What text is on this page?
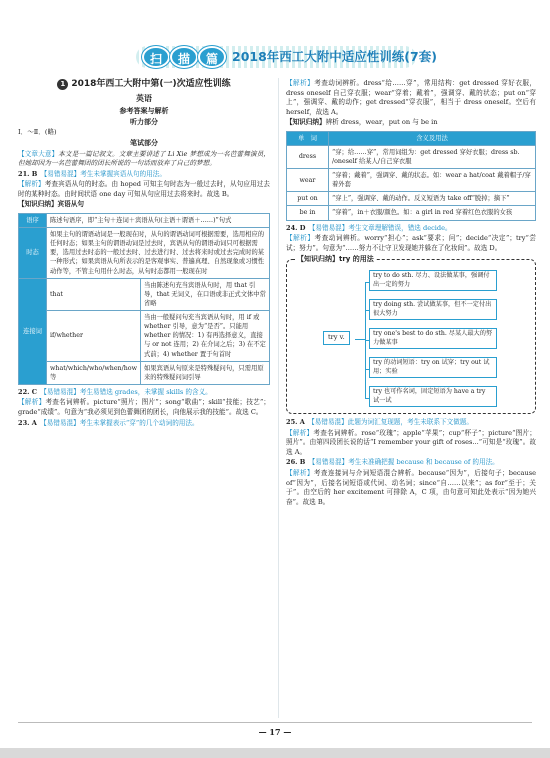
扫	描	篇	2018年西工大附中适应性训练(7套)
1 2018年西工大附中第(一)次适应性训练
英语
参考答案与解析
听力部分
Ⅰ．～Ⅱ．(略)
笔试部分
【文章大意】本文是一篇记叙文。文章主要讲述了 Li Xie 梦想成为一名芭蕾舞演员，但她却因为一名芭蕾舞团的团长所说的一句话而放弃了自己的梦想。
21. B　 【易错易混】考生未掌握宾语从句的用法。
【解析】考查宾语从句的时态。由 hoped 可知主句时态为一般过去时，从句应用过去时的某种时态。由时间状语 one day 可知从句应用过去将来时。故选 B。
【知识归纳】宾语从句
语序	陈述句语序，即“主句＋连词＋宾语从句(主语＋谓语＋……)”句式	
时态	如果主句的谓语动词是一般现在时，从句的谓语动词可根据需要，选用相应的任何时态；如果主句的谓语动词是过去时，宾语从句的谓语动词只可根据需要，选用过去时态的一般过去时、过去进行时、过去将来时或过去完成时的某一种形式；如果宾语从句所表示的是客观事实、普遍真理、自然现象或习惯性动作等，不管主句用什么时态，从句时态都用一般现在时	
连接词	that	当由陈述句充当宾语从句时，用 that 引导，that 无词义，在口语或非正式文体中常省略
	if/whether	当由一般疑问句充当宾语从句时，用 if 或 whether 引导，意为“是否”。只能用 whether 的情况：1) 有再选择意义，直接与 or not 连用；2) 在介词之后；3) 在不定式前；4) whether 置于句首时
	what/which/who/when/how 等	如果宾语从句原来是特殊疑问句，只需用原来的特殊疑问词引导
22. C　 【易错易混】考生易错选 grades，未掌握 skills 的含义。
【解析】考查名词辨析。picture“照片；图片”；song“歌曲”；skill“技能；技艺”；grade“成绩”。句意为“我必须见到色蕾舞团的团长，向他展示我的技能”。故选 C。
23. A　 【易错易混】考生未掌握表示“穿”的几个动词的用法。
【解析】考查动词辨析。dress“给……穿”，常用结构：get dressed 穿好衣服，dress oneself 自己穿衣服；wear“穿着；戴着”，强调穿、戴的状态；put on“穿上”，强调穿、戴的动作；get dressed“穿衣服”，相当于 dress oneself。空后有 herself，故选 A。
【知识归纳】辨析 dress，wear，put on 与 be in
单　词	含义及用法
dress	“穿；给……穿”，常用词组为：get dressed 穿好衣服；dress sb. /oneself 给某人/自己穿衣服
wear	“穿着；戴着”，强调穿、戴的状态。如：wear a hat/coat 戴着帽子/穿着外套
put on	“穿上”，强调穿、戴的动作。反义短语为 take off“脱掉；摘下”
be in	“穿着”，in＋衣服/颜色。如：a girl in red 穿着红色衣服的女孩
24. D　 【易错易混】考生文章理解错误，错选 decide。
【解析】考查动词辨析。worry“担心”；ask“要求；问”；decide“决定”；try“尝试；努力”。句意为“……努力不让守卫发现她并躲在了化妆间”。故选 D。
【知识归纳】try 的用法
try v.
try to do sth. 尽力、设法做某事，强调付出一定的努力
try doing sth. 尝试做某事，但不一定付出很大努力
try one's best to do sth. 尽某人最大的努力做某事
try 的动词短语：try on 试穿；try out 试用；实验
try 也可作名词，固定短语为 have a try 试一试
25. A　 【易错易混】此题为词汇复现题，考生未联系下文做题。
【解析】考查名词辨析。rose“玫瑰”；apple“苹果”；cup“杯子”；picture“图片；照片”。由第四段团长说的话“I remember your gift of roses...”可知是“玫瑰”。故选 A。
26. B　 【易错易混】考生未准确把握 because 和 because of 的用法。
【解析】考查连接词与介词短语混合辨析。because“因为”，后接句子；because of“因为”，后接名词短语或代词、动名词；since“自……以来”；as for“至于；关于”。由空后的 her excitement 可排除 A，C 项，由句意可知此处表示“因为她兴奋”。故选 B。
— 17 —
